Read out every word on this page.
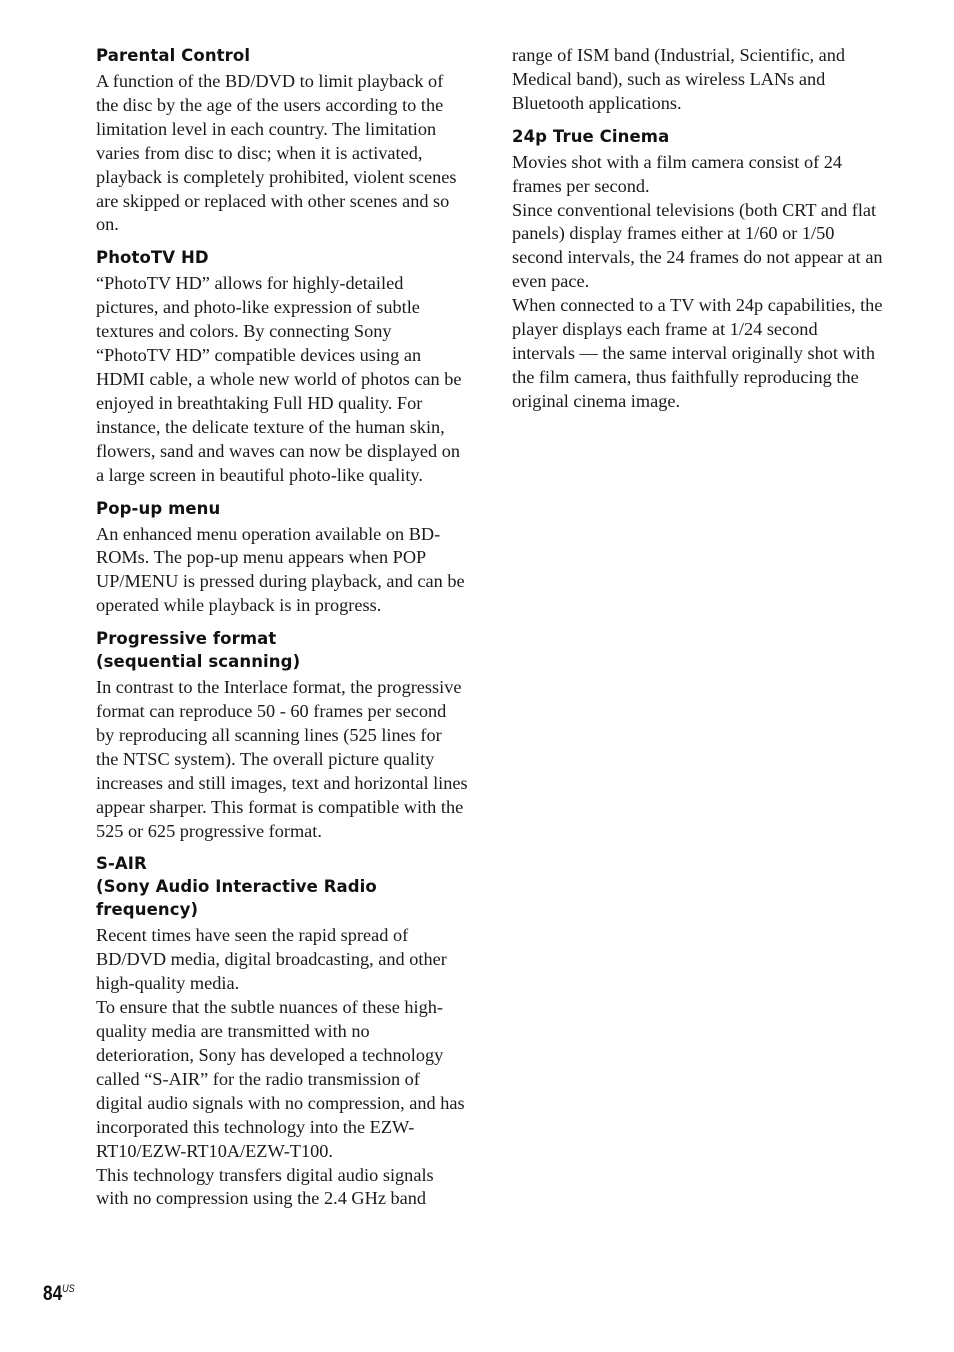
Parental Control

A function of the BD/DVD to limit playback of the disc by the age of the users according to the limitation level in each country. The limitation varies from disc to disc; when it is activated, playback is completely prohibited, violent scenes are skipped or replaced with other scenes and so on.

PhotoTV HD

“PhotoTV HD” allows for highly-detailed pictures, and photo-like expression of subtle textures and colors. By connecting Sony “PhotoTV HD” compatible devices using an HDMI cable, a whole new world of photos can be enjoyed in breathtaking Full HD quality. For instance, the delicate texture of the human skin, flowers, sand and waves can now be displayed on a large screen in beautiful photo-like quality.

Pop-up menu

An enhanced menu operation available on BD-ROMs. The pop-up menu appears when POP UP/MENU is pressed during playback, and can be operated while playback is in progress.

Progressive format
(sequential scanning)

In contrast to the Interlace format, the progressive format can reproduce 50 - 60 frames per second by reproducing all scanning lines (525 lines for the NTSC system). The overall picture quality increases and still images, text and horizontal lines appear sharper. This format is compatible with the 525 or 625 progressive format.

S-AIR
(Sony Audio Interactive Radio
frequency)

Recent times have seen the rapid spread of BD/DVD media, digital broadcasting, and other high-quality media.

To ensure that the subtle nuances of these high-quality media are transmitted with no deterioration, Sony has developed a technology called “S-AIR” for the radio transmission of digital audio signals with no compression, and has incorporated this technology into the EZW-RT10/EZW-RT10A/EZW-T100.

This technology transfers digital audio signals with no compression using the 2.4 GHz band

range of ISM band (Industrial, Scientific, and Medical band), such as wireless LANs and Bluetooth applications.

24p True Cinema

Movies shot with a film camera consist of 24 frames per second.

Since conventional televisions (both CRT and flat panels) display frames either at 1/60 or 1/50 second intervals, the 24 frames do not appear at an even pace.

When connected to a TV with 24p capabilities, the player displays each frame at 1/24 second intervals — the same interval originally shot with the film camera, thus faithfully reproducing the original cinema image.

$84^{US}$
